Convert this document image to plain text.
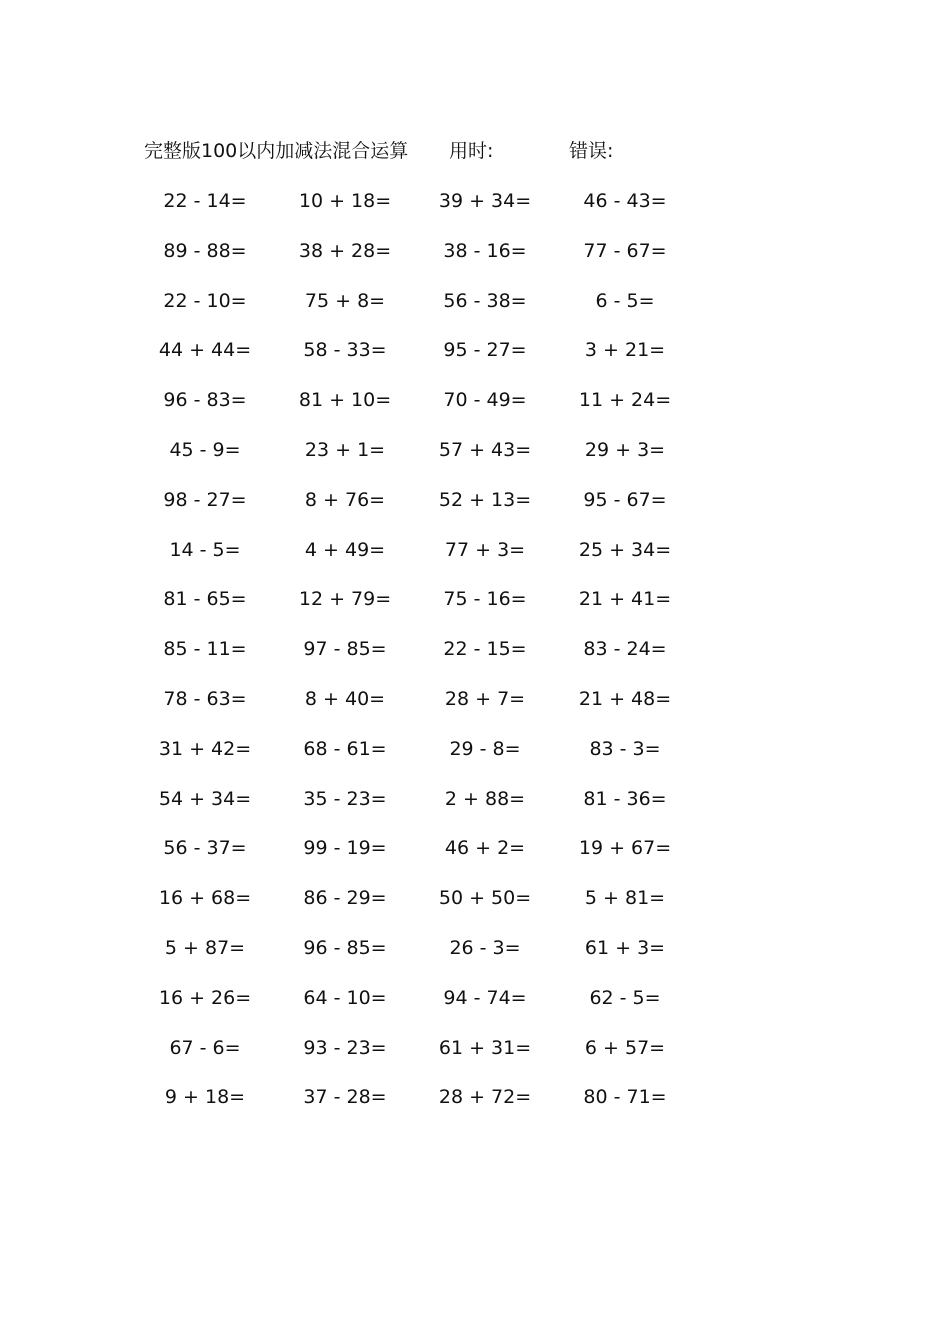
完整版100以内加减法混合运算 用时:	错误:
22 - 14=	10 + 18=	39 + 34=	46 - 43=
89 - 88=	38 + 28=	38 - 16=	77 - 67=
22 - 10=	75 + 8=	56 - 38=	6 - 5=
44 + 44=	58 - 33=	95 - 27=	3 + 21=
96 - 83=	81 + 10=	70 - 49=	11 + 24=
45 - 9=	23 + 1=	57 + 43=	29 + 3=
98 - 27=	8 + 76=	52 + 13=	95 - 67=
14 - 5=	4 + 49=	77 + 3=	25 + 34=
81 - 65=	12 + 79=	75 - 16=	21 + 41=
85 - 11=	97 - 85=	22 - 15=	83 - 24=
78 - 63=	8 + 40=	28 + 7=	21 + 48=
31 + 42=	68 - 61=	29 - 8=	83 - 3=
54 + 34=	35 - 23=	2 + 88=	81 - 36=
56 - 37=	99 - 19=	46 + 2=	19 + 67=
16 + 68=	86 - 29=	50 + 50=	5 + 81=
5 + 87=	96 - 85=	26 - 3=	61 + 3=
16 + 26=	64 - 10=	94 - 74=	62 - 5=
67 - 6=	93 - 23=	61 + 31=	6 + 57=
9 + 18=	37 - 28=	28 + 72=	80 - 71=
